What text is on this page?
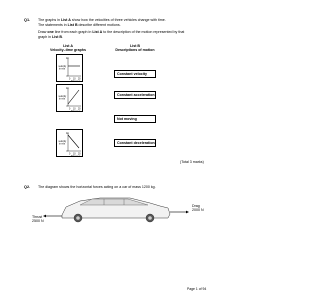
Q1. The graphs in List A show how the velocities of three vehicles change with time.
The statements in List B describe different motions.
Draw one line from each graph in List A to the description of the motion represented by that
graph in List B.
List A
Velocity–time graphs
List B
Descriptions of motion
velocity
in m/s
10
0
0	10	20
Time in s
velocity
in m/s
10
0
0	10	20
Time in s
velocity
in m/s
10
0
0	10	20
Time in s
Constant velocity
Constant acceleration
Not moving
Constant deceleration
(Total 3 marks)
Q2. The diagram shows the horizontal forces acting on a car of mass 1200 kg.
Drag
2000 N
Thrust
2500 N
Page 1 of 94
